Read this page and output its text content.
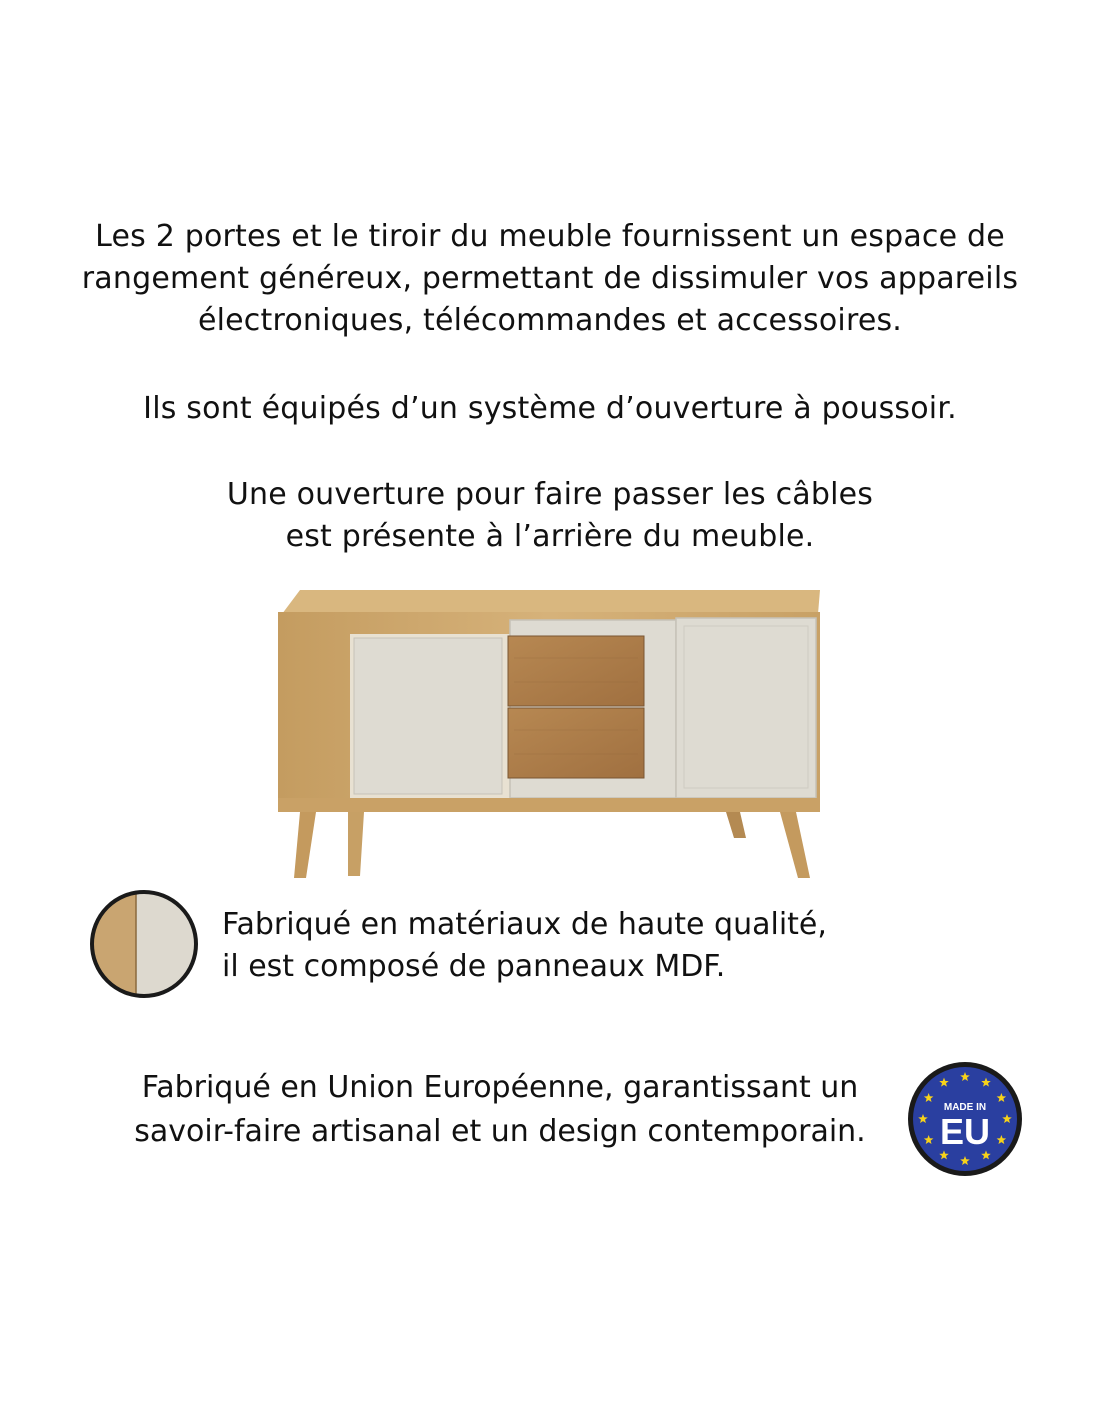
Les 2 portes et le tiroir du meuble fournissent un espace de
rangement généreux, permettant de dissimuler vos appareils
électroniques, télécommandes et accessoires.
Ils sont équipés d’un système d’ouverture à poussoir.
Une ouverture pour faire passer les câbles
est présente à l’arrière du meuble.
Fabriqué en matériaux de haute qualité,
il est composé de panneaux MDF.
Fabriqué en Union Européenne, garantissant un
savoir-faire artisanal et un design contemporain.
MADE IN
EU
